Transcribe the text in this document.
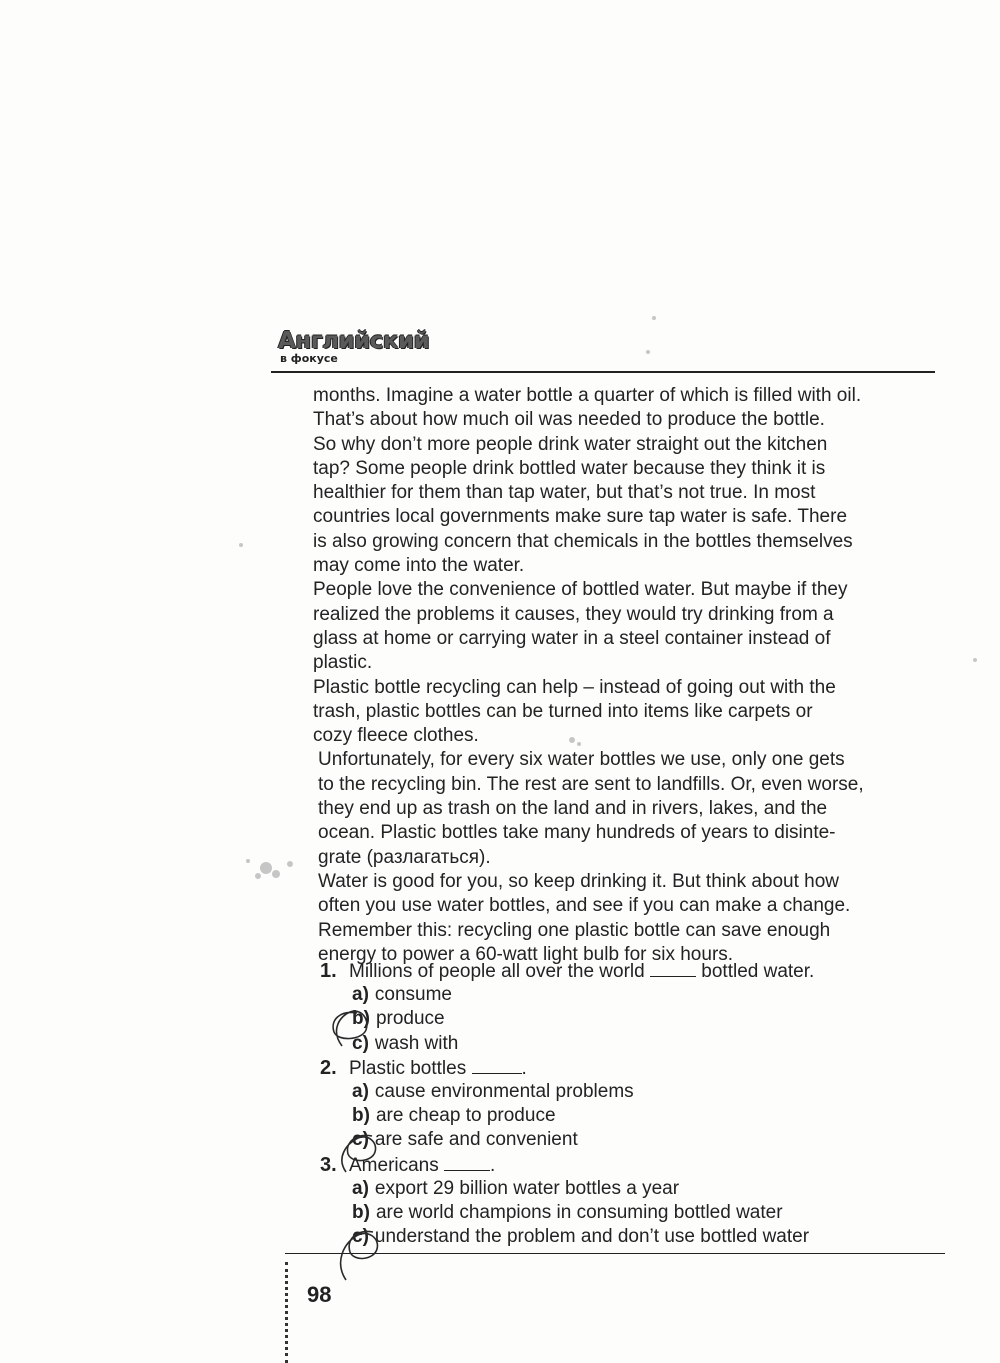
Английский
в фокусе
months. Imagine a water bottle a quarter of which is filled with oil.
That’s about how much oil was needed to produce the bottle.
So why don’t more people drink water straight out the kitchen
tap? Some people drink bottled water because they think it is
healthier for them than tap water, but that’s not true. In most
countries local governments make sure tap water is safe. There
is also growing concern that chemicals in the bottles themselves
may come into the water.
People love the convenience of bottled water. But maybe if they
realized the problems it causes, they would try drinking from a
glass at home or carrying water in a steel container instead of
plastic.
Plastic bottle recycling can help – instead of going out with the
trash, plastic bottles can be turned into items like carpets or
cozy fleece clothes.
Unfortunately, for every six water bottles we use, only one gets
to the recycling bin. The rest are sent to landfills. Or, even worse,
they end up as trash on the land and in rivers, lakes, and the
ocean. Plastic bottles take many hundreds of years to disinte-
grate (разлагаться).
Water is good for you, so keep drinking it. But think about how
often you use water bottles, and see if you can make a change.
Remember this: recycling one plastic bottle can save enough
energy to power a 60-watt light bulb for six hours.
1. Millions of people all over the world	bottled water.
a) consume
b) produce
c) wash with
2. Plastic bottles	.
a) cause environmental problems
b) are cheap to produce
c) are safe and convenient
3. Americans	.
a) export 29 billion water bottles a year
b) are world champions in consuming bottled water
c) understand the problem and don’t use bottled water
98
